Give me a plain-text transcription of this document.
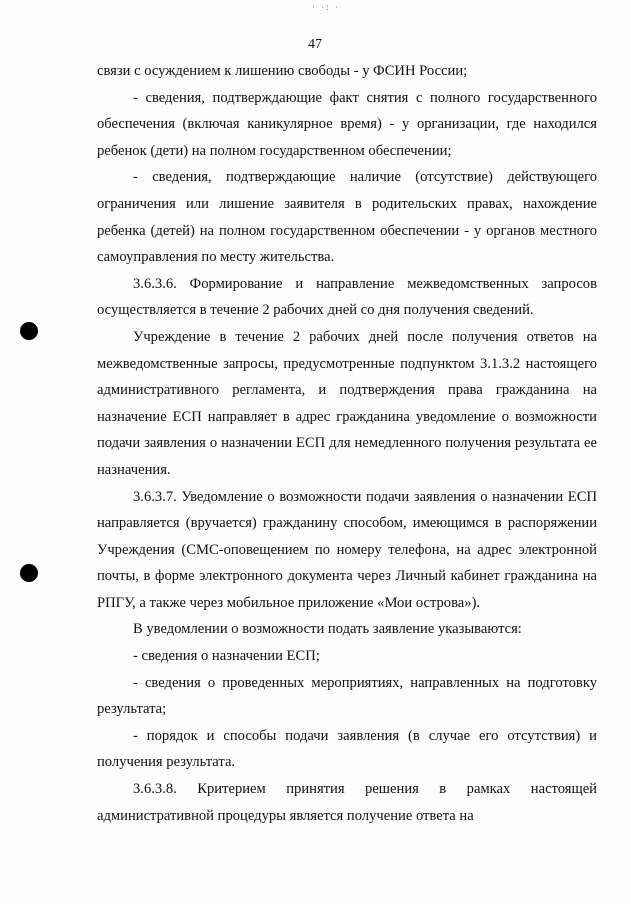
· ·: ·
47

связи с осуждением к лишению свободы - у ФСИН России;

- сведения, подтверждающие факт снятия с полного государственного обеспечения (включая каникулярное время) - у организации, где находился ребенок (дети) на полном государственном обеспечении;

- сведения, подтверждающие наличие (отсутствие) действующего ограничения или лишение заявителя в родительских правах, нахождение ребенка (детей) на полном государственном обеспечении - у органов местного самоуправления по месту жительства.

3.6.3.6. Формирование и направление межведомственных запросов осуществляется в течение 2 рабочих дней со дня получения сведений.

Учреждение в течение 2 рабочих дней после получения ответов на межведомственные запросы, предусмотренные подпунктом 3.1.3.2 настоящего административного регламента, и подтверждения права гражданина на назначение ЕСП направляет в адрес гражданина уведомление о возможности подачи заявления о назначении ЕСП для немедленного получения результата ее назначения.

3.6.3.7. Уведомление о возможности подачи заявления о назначении ЕСП направляется (вручается) гражданину способом, имеющимся в распоряжении Учреждения (СМС-оповещением по номеру телефона, на адрес электронной почты, в форме электронного документа через Личный кабинет гражданина на РПГУ, а также через мобильное приложение «Мои острова»).

В уведомлении о возможности подать заявление указываются:

- сведения о назначении ЕСП;

- сведения о проведенных мероприятиях, направленных на подготовку результата;

- порядок и способы подачи заявления (в случае его отсутствия) и получения результата.

3.6.3.8. Критерием принятия решения в рамках настоящей административной процедуры является получение ответа на
